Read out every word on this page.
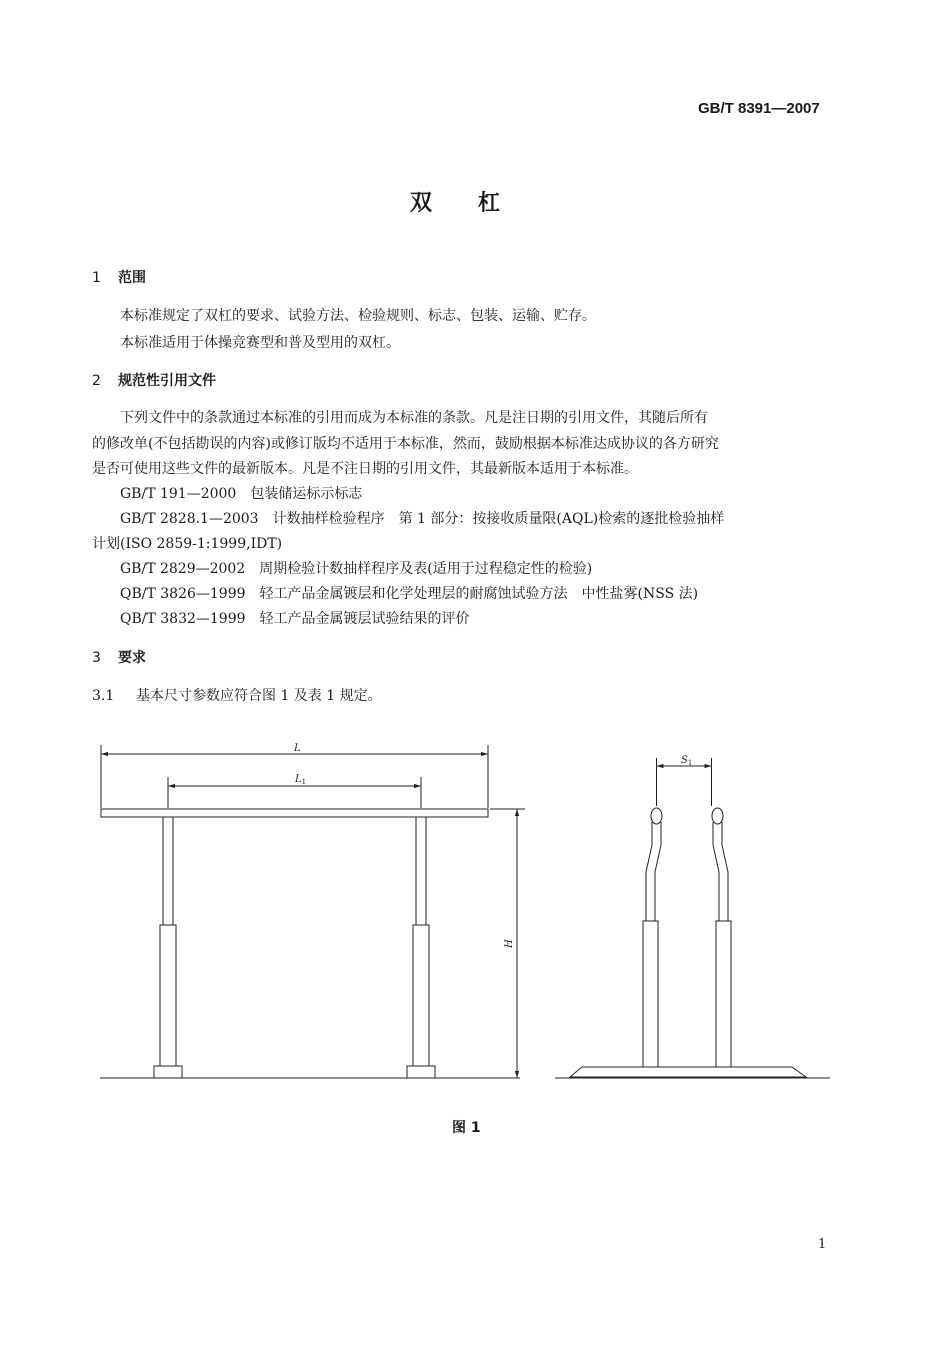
GB/T 8391—2007
双杠
1 范围
本标准规定了双杠的要求、试验方法、检验规则、标志、包装、运输、贮存。
本标准适用于体操竞赛型和普及型用的双杠。
2 规范性引用文件
下列文件中的条款通过本标准的引用而成为本标准的条款。凡是注日期的引用文件，其随后所有
的修改单(不包括勘误的内容)或修订版均不适用于本标准，然而，鼓励根据本标准达成协议的各方研究
是否可使用这些文件的最新版本。凡是不注日期的引用文件，其最新版本适用于本标准。
GB/T 191—2000　包装储运标示标志
GB/T 2828.1—2003　计数抽样检验程序　第 1 部分：按接收质量限(AQL)检索的逐批检验抽样
计划(ISO 2859-1:1999,IDT)
GB/T 2829—2002　周期检验计数抽样程序及表(适用于过程稳定性的检验)
QB/T 3826—1999　轻工产品金属镀层和化学处理层的耐腐蚀试验方法　中性盐雾(NSS 法)
QB/T 3832—1999　轻工产品金属镀层试验结果的评价
3 要求
3.1 基本尺寸参数应符合图 1 及表 1 规定。
L
L1
H
S1
图 1
1
